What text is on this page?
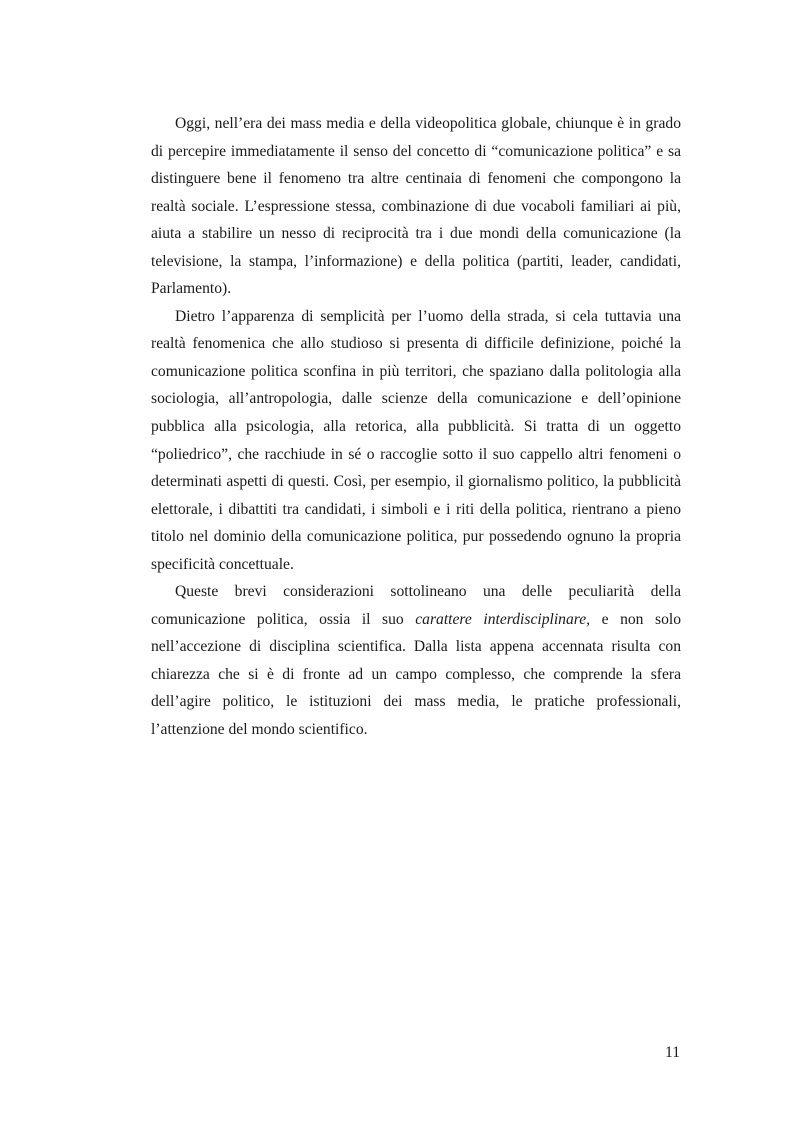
Oggi, nell’era dei mass media e della videopolitica globale, chiunque è in grado di percepire immediatamente il senso del concetto di “comunicazione politica” e sa distinguere bene il fenomeno tra altre centinaia di fenomeni che compongono la realtà sociale. L’espressione stessa, combinazione di due vocaboli familiari ai più, aiuta a stabilire un nesso di reciprocità tra i due mondi della comunicazione (la televisione, la stampa, l’informazione) e della politica (partiti, leader, candidati, Parlamento).

Dietro l’apparenza di semplicità per l’uomo della strada, si cela tuttavia una realtà fenomenica che allo studioso si presenta di difficile definizione, poiché la comunicazione politica sconfina in più territori, che spaziano dalla politologia alla sociologia, all’antropologia, dalle scienze della comunicazione e dell’opinione pubblica alla psicologia, alla retorica, alla pubblicità. Si tratta di un oggetto “poliedrico”, che racchiude in sé o raccoglie sotto il suo cappello altri fenomeni o determinati aspetti di questi. Così, per esempio, il giornalismo politico, la pubblicità elettorale, i dibattiti tra candidati, i simboli e i riti della politica, rientrano a pieno titolo nel dominio della comunicazione politica, pur possedendo ognuno la propria specificità concettuale.

Queste brevi considerazioni sottolineano una delle peculiarità della comunicazione politica, ossia il suo carattere interdisciplinare, e non solo nell’accezione di disciplina scientifica. Dalla lista appena accennata risulta con chiarezza che si è di fronte ad un campo complesso, che comprende la sfera dell’agire politico, le istituzioni dei mass media, le pratiche professionali, l’attenzione del mondo scientifico.

11
